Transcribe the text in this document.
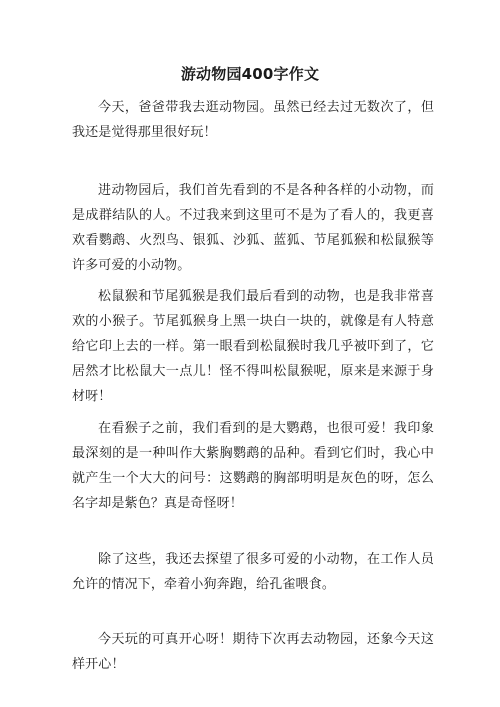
游动物园400字作文

今天，爸爸带我去逛动物园。虽然已经去过无数次了，但我还是觉得那里很好玩！

进动物园后，我们首先看到的不是各种各样的小动物，而是成群结队的人。不过我来到这里可不是为了看人的，我更喜欢看鹦鹉、火烈鸟、银狐、沙狐、蓝狐、节尾狐猴和松鼠猴等许多可爱的小动物。

松鼠猴和节尾狐猴是我们最后看到的动物，也是我非常喜欢的小猴子。节尾狐猴身上黑一块白一块的，就像是有人特意给它印上去的一样。第一眼看到松鼠猴时我几乎被吓到了，它居然才比松鼠大一点儿！怪不得叫松鼠猴呢，原来是来源于身材呀！

在看猴子之前，我们看到的是大鹦鹉，也很可爱！我印象最深刻的是一种叫作大紫胸鹦鹉的品种。看到它们时，我心中就产生一个大大的问号：这鹦鹉的胸部明明是灰色的呀，怎么名字却是紫色？真是奇怪呀！

除了这些，我还去探望了很多可爱的小动物，在工作人员允许的情况下，牵着小狗奔跑，给孔雀喂食。

今天玩的可真开心呀！期待下次再去动物园，还象今天这样开心！
